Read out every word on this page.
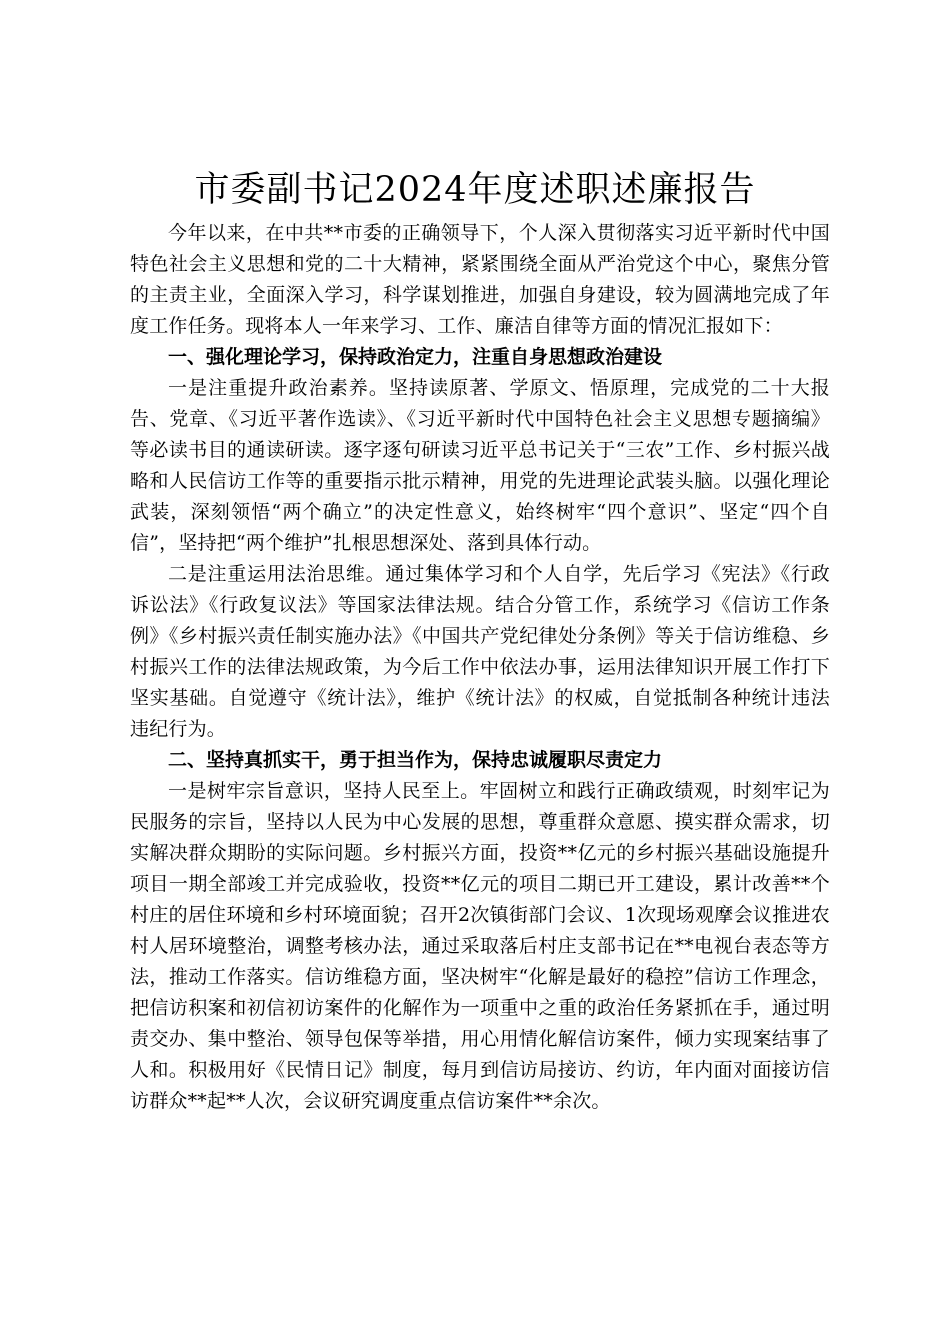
市委副书记2024年度述职述廉报告

今年以来，在中共**市委的正确领导下，个人深入贯彻落实习近平新时代中国特色社会主义思想和党的二十大精神，紧紧围绕全面从严治党这个中心，聚焦分管的主责主业，全面深入学习，科学谋划推进，加强自身建设，较为圆满地完成了年度工作任务。现将本人一年来学习、工作、廉洁自律等方面的情况汇报如下：

一、强化理论学习，保持政治定力，注重自身思想政治建设

一是注重提升政治素养。坚持读原著、学原文、悟原理，完成党的二十大报告、党章、《习近平著作选读》、《习近平新时代中国特色社会主义思想专题摘编》等必读书目的通读研读。逐字逐句研读习近平总书记关于“三农”工作、乡村振兴战略和人民信访工作等的重要指示批示精神，用党的先进理论武装头脑。以强化理论武装，深刻领悟“两个确立”的决定性意义，始终树牢“四个意识”、坚定“四个自信”，坚持把“两个维护”扎根思想深处、落到具体行动。

二是注重运用法治思维。通过集体学习和个人自学，先后学习《宪法》《行政诉讼法》《行政复议法》等国家法律法规。结合分管工作，系统学习《信访工作条例》《乡村振兴责任制实施办法》《中国共产党纪律处分条例》等关于信访维稳、乡村振兴工作的法律法规政策，为今后工作中依法办事，运用法律知识开展工作打下坚实基础。自觉遵守《统计法》，维护《统计法》的权威，自觉抵制各种统计违法违纪行为。

二、坚持真抓实干，勇于担当作为，保持忠诚履职尽责定力

一是树牢宗旨意识，坚持人民至上。牢固树立和践行正确政绩观，时刻牢记为民服务的宗旨，坚持以人民为中心发展的思想，尊重群众意愿、摸实群众需求，切实解决群众期盼的实际问题。乡村振兴方面，投资**亿元的乡村振兴基础设施提升项目一期全部竣工并完成验收，投资**亿元的项目二期已开工建设，累计改善**个村庄的居住环境和乡村环境面貌；召开2次镇街部门会议、1次现场观摩会议推进农村人居环境整治，调整考核办法，通过采取落后村庄支部书记在**电视台表态等方法，推动工作落实。信访维稳方面，坚决树牢“化解是最好的稳控”信访工作理念，把信访积案和初信初访案件的化解作为一项重中之重的政治任务紧抓在手，通过明责交办、集中整治、领导包保等举措，用心用情化解信访案件，倾力实现案结事了人和。积极用好《民情日记》制度，每月到信访局接访、约访，年内面对面接访信访群众**起**人次，会议研究调度重点信访案件**余次。
